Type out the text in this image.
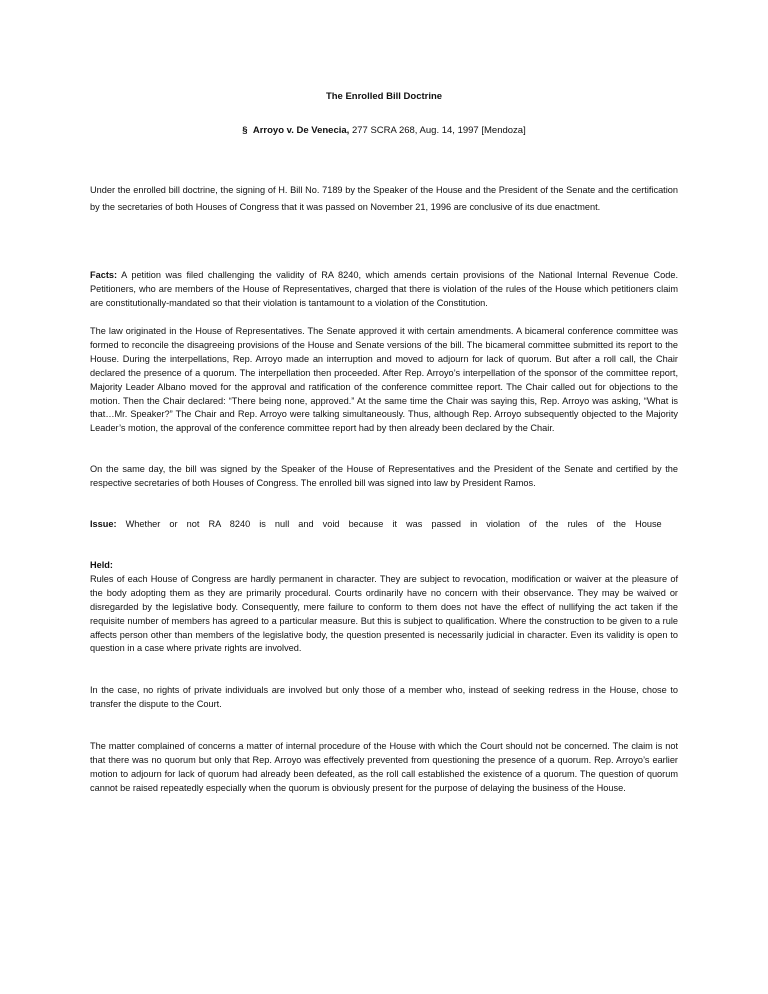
The Enrolled Bill Doctrine

§ Arroyo v. De Venecia, 277 SCRA 268, Aug. 14, 1997 [Mendoza]

Under the enrolled bill doctrine, the signing of H. Bill No. 7189 by the Speaker of the House and the President of the Senate and the certification by the secretaries of both Houses of Congress that it was passed on November 21, 1996 are conclusive of its due enactment.

Facts: A petition was filed challenging the validity of RA 8240, which amends certain provisions of the National Internal Revenue Code. Petitioners, who are members of the House of Representatives, charged that there is violation of the rules of the House which petitioners claim are constitutionally-mandated so that their violation is tantamount to a violation of the Constitution.

The law originated in the House of Representatives. The Senate approved it with certain amendments. A bicameral conference committee was formed to reconcile the disagreeing provisions of the House and Senate versions of the bill. The bicameral committee submitted its report to the House. During the interpellations, Rep. Arroyo made an interruption and moved to adjourn for lack of quorum. But after a roll call, the Chair declared the presence of a quorum. The interpellation then proceeded. After Rep. Arroyo’s interpellation of the sponsor of the committee report, Majority Leader Albano moved for the approval and ratification of the conference committee report. The Chair called out for objections to the motion. Then the Chair declared: “There being none, approved.” At the same time the Chair was saying this, Rep. Arroyo was asking, “What is that…Mr. Speaker?” The Chair and Rep. Arroyo were talking simultaneously. Thus, although Rep. Arroyo subsequently objected to the Majority Leader’s motion, the approval of the conference committee report had by then already been declared by the Chair.

On the same day, the bill was signed by the Speaker of the House of Representatives and the President of the Senate and certified by the respective secretaries of both Houses of Congress. The enrolled bill was signed into law by President Ramos.

Issue: Whether or not RA 8240 is null and void because it was passed in violation of the rules of the House

Held:
Rules of each House of Congress are hardly permanent in character. They are subject to revocation, modification or waiver at the pleasure of the body adopting them as they are primarily procedural. Courts ordinarily have no concern with their observance. They may be waived or disregarded by the legislative body. Consequently, mere failure to conform to them does not have the effect of nullifying the act taken if the requisite number of members has agreed to a particular measure. But this is subject to qualification. Where the construction to be given to a rule affects person other than members of the legislative body, the question presented is necessarily judicial in character. Even its validity is open to question in a case where private rights are involved.

In the case, no rights of private individuals are involved but only those of a member who, instead of seeking redress in the House, chose to transfer the dispute to the Court.

The matter complained of concerns a matter of internal procedure of the House with which the Court should not be concerned. The claim is not that there was no quorum but only that Rep. Arroyo was effectively prevented from questioning the presence of a quorum. Rep. Arroyo’s earlier motion to adjourn for lack of quorum had already been defeated, as the roll call established the existence of a quorum. The question of quorum cannot be raised repeatedly especially when the quorum is obviously present for the purpose of delaying the business of the House.
